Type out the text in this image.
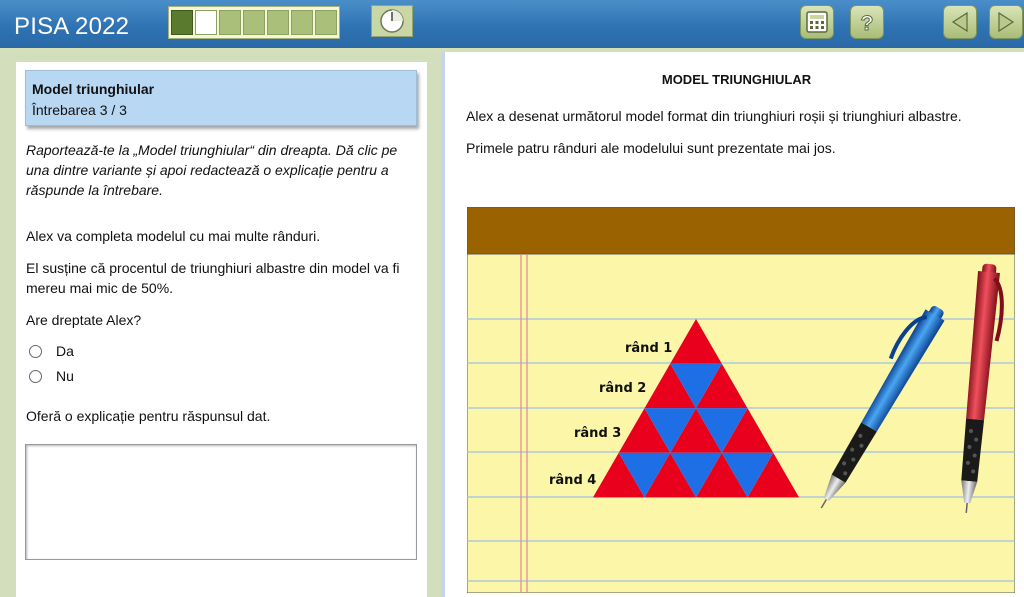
PISA 2022	?
Model triunghiular
Întrebarea 3 / 3
Raportează-te la „Model triunghiular“ din dreapta. Dă clic pe una dintre variante și apoi redactează o explicație pentru a răspunde la întrebare.
Alex va completa modelul cu mai multe rânduri.
El susține că procentul de triunghiuri albastre din model va fi mereu mai mic de 50%.
Are dreptate Alex?
Da
Nu
Oferă o explicație pentru răspunsul dat.
MODEL TRIUNGHIULAR
Alex a desenat următorul model format din triunghiuri roșii și triunghiuri albastre.
Primele patru rânduri ale modelului sunt prezentate mai jos.
rând 1
rând 2
rând 3
rând 4
